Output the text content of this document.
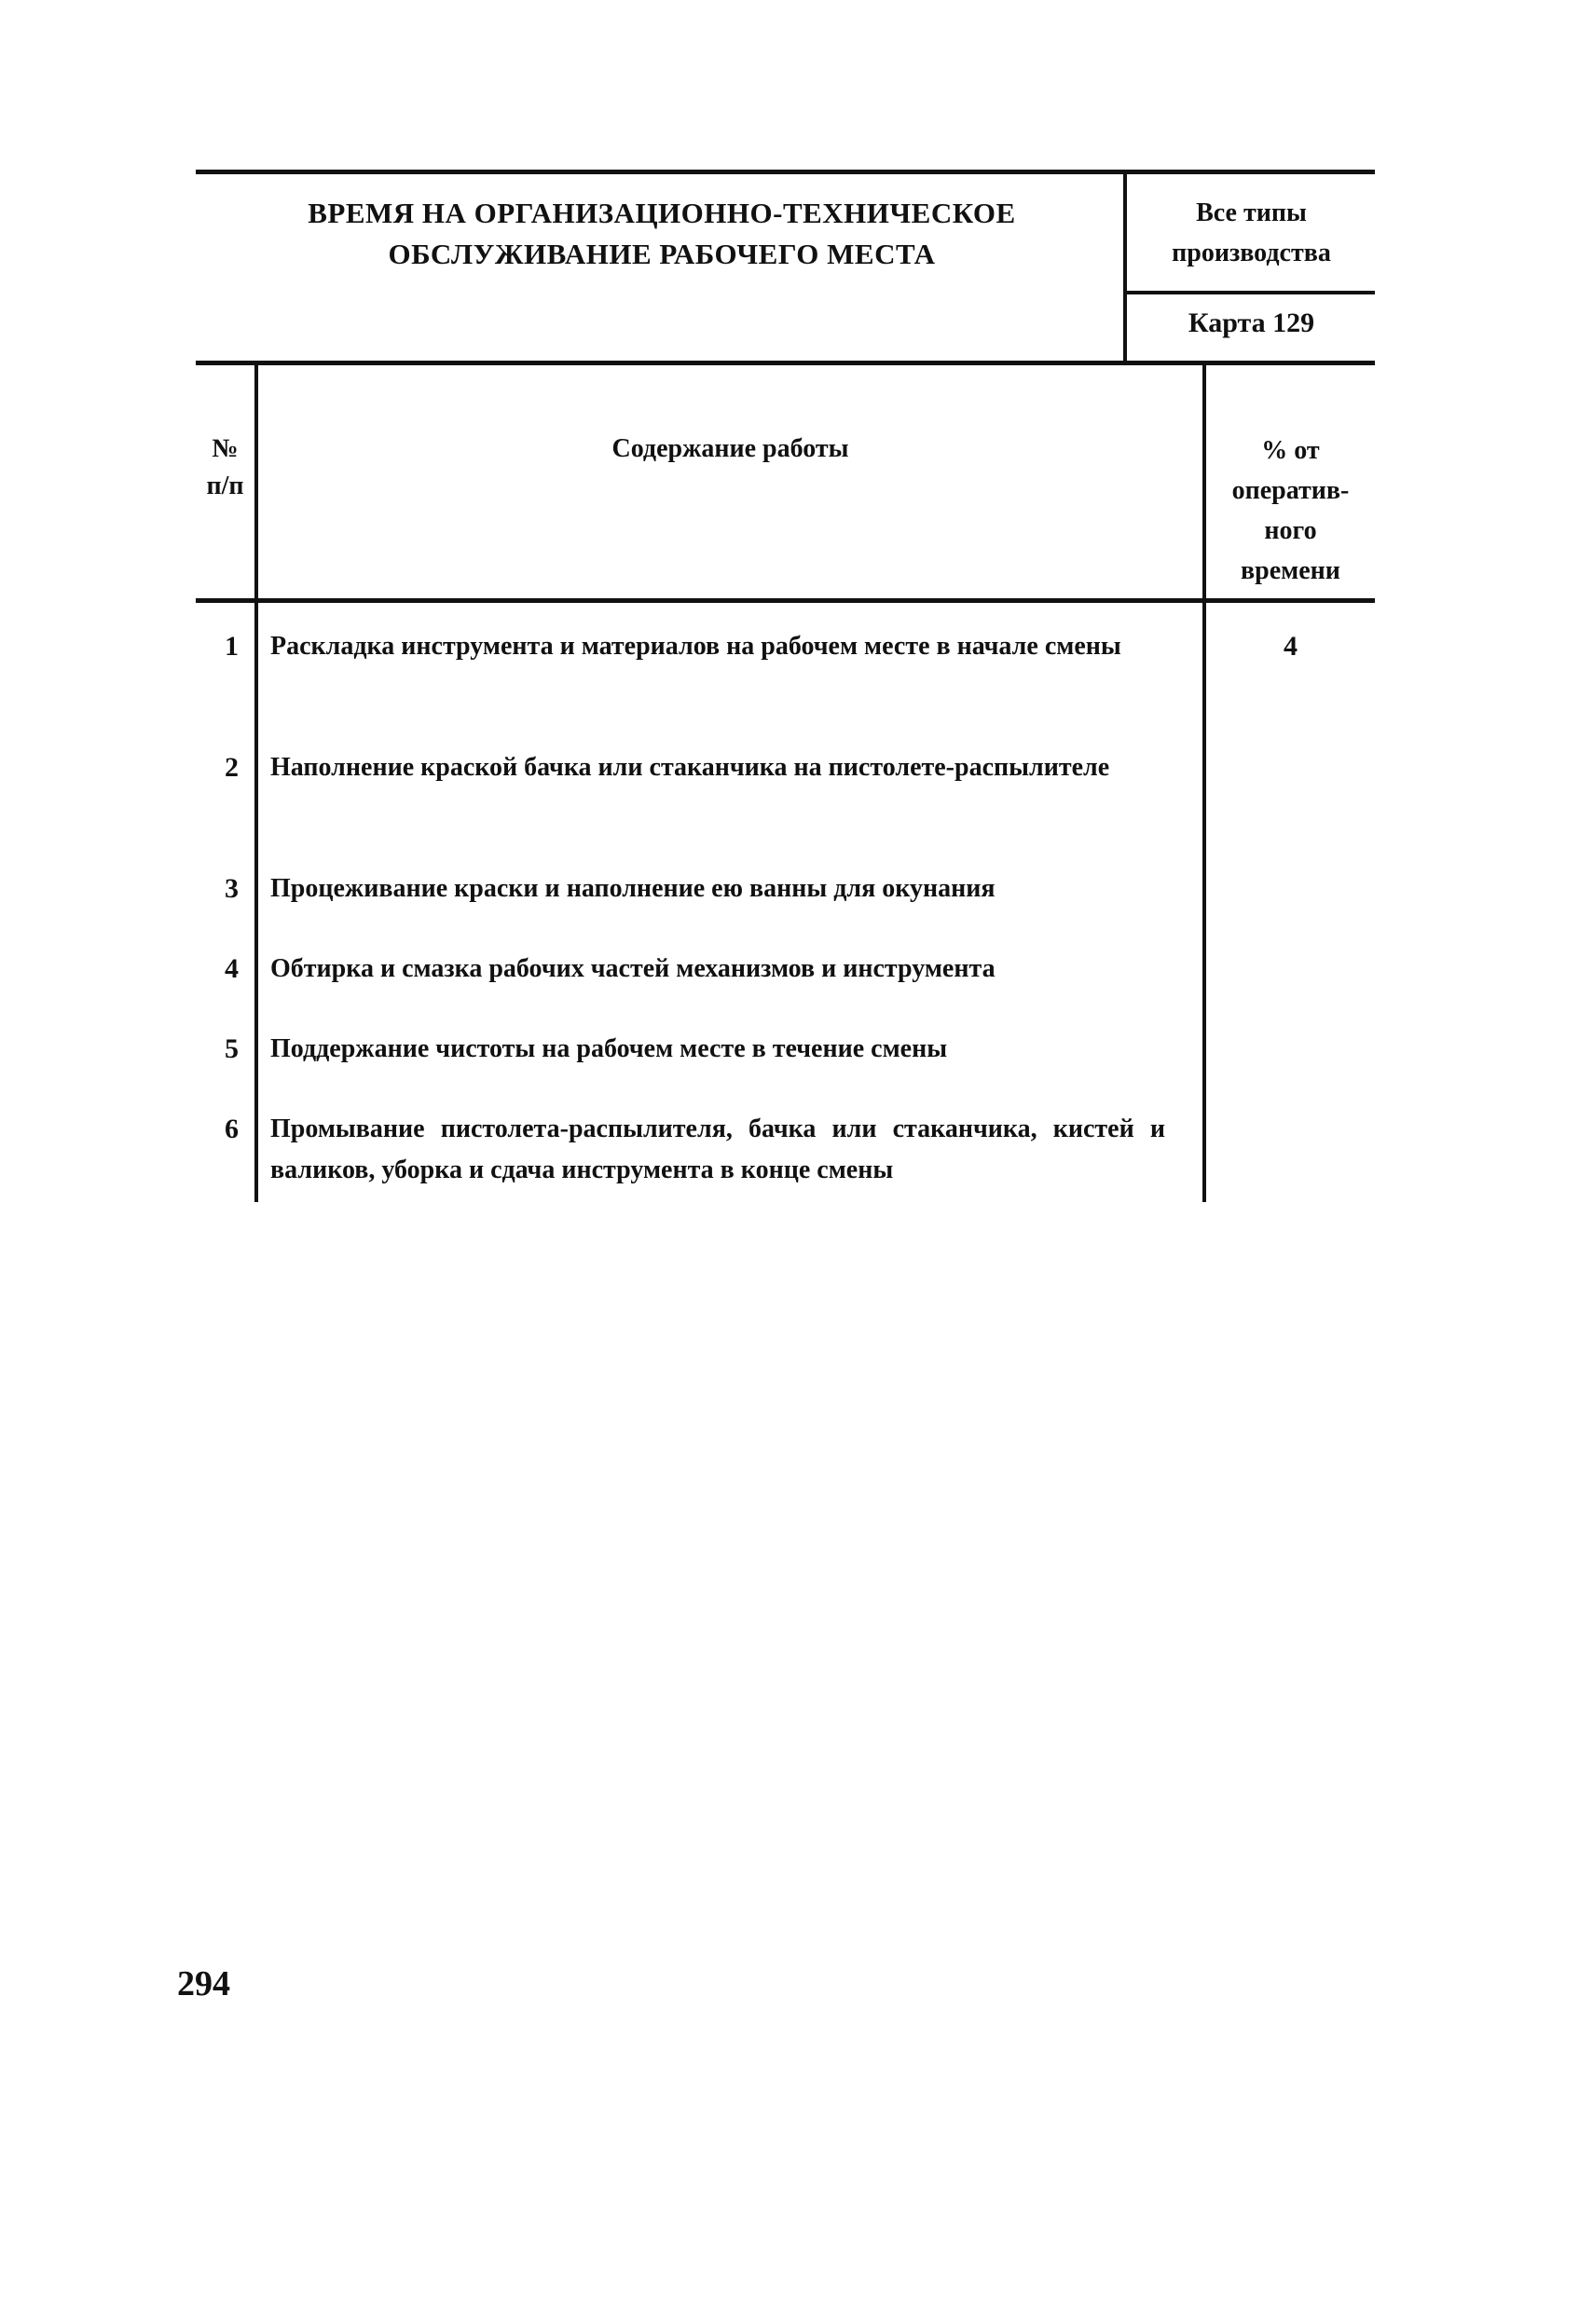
ВРЕМЯ НА ОРГАНИЗАЦИОННО-ТЕХНИЧЕСКОЕ
ОБСЛУЖИВАНИЕ РАБОЧЕГО МЕСТА
Все типы
производства
Карта 129
№
п/п
Содержание работы	% от
оператив-
ного
времени
1 Раскладка инструмента и материалов на рабочем месте в начале смены	4
2 Наполнение краской бачка или стаканчика на пистолете-распылителе
3 Процеживание краски и наполнение ею ванны для окунания
4 Обтирка и смазка рабочих частей механизмов и инструмента
5 Поддержание чистоты на рабочем месте в течение смены
6 Промывание пистолета-распылителя, бачка или стаканчика, кистей и валиков, уборка и сдача инструмента в конце смены
294
